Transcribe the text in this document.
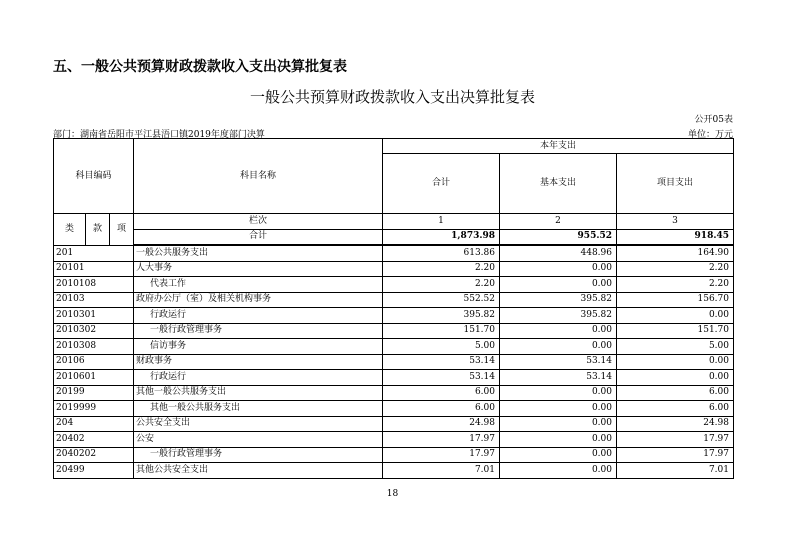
五、一般公共预算财政拨款收入支出决算批复表
一般公共预算财政拨款收入支出决算批复表
公开05表
部门：湖南省岳阳市平江县浯口镇2019年度部门决算	单位：万元
科目编码			科目名称	本年支出		
				合计	基本支出	项目支出
类	款	项	栏次	1	2	3
			合计	1,873.98	955.52	918.45
201			一般公共服务支出	613.86	448.96	164.90
20101			人大事务	2.20	0.00	2.20
2010108			代表工作	2.20	0.00	2.20
20103			政府办公厅（室）及相关机构事务	552.52	395.82	156.70
2010301			行政运行	395.82	395.82	0.00
2010302			一般行政管理事务	151.70	0.00	151.70
2010308			信访事务	5.00	0.00	5.00
20106			财政事务	53.14	53.14	0.00
2010601			行政运行	53.14	53.14	0.00
20199			其他一般公共服务支出	6.00	0.00	6.00
2019999			其他一般公共服务支出	6.00	0.00	6.00
204			公共安全支出	24.98	0.00	24.98
20402			公安	17.97	0.00	17.97
2040202			一般行政管理事务	17.97	0.00	17.97
20499			其他公共安全支出	7.01	0.00	7.01
18
